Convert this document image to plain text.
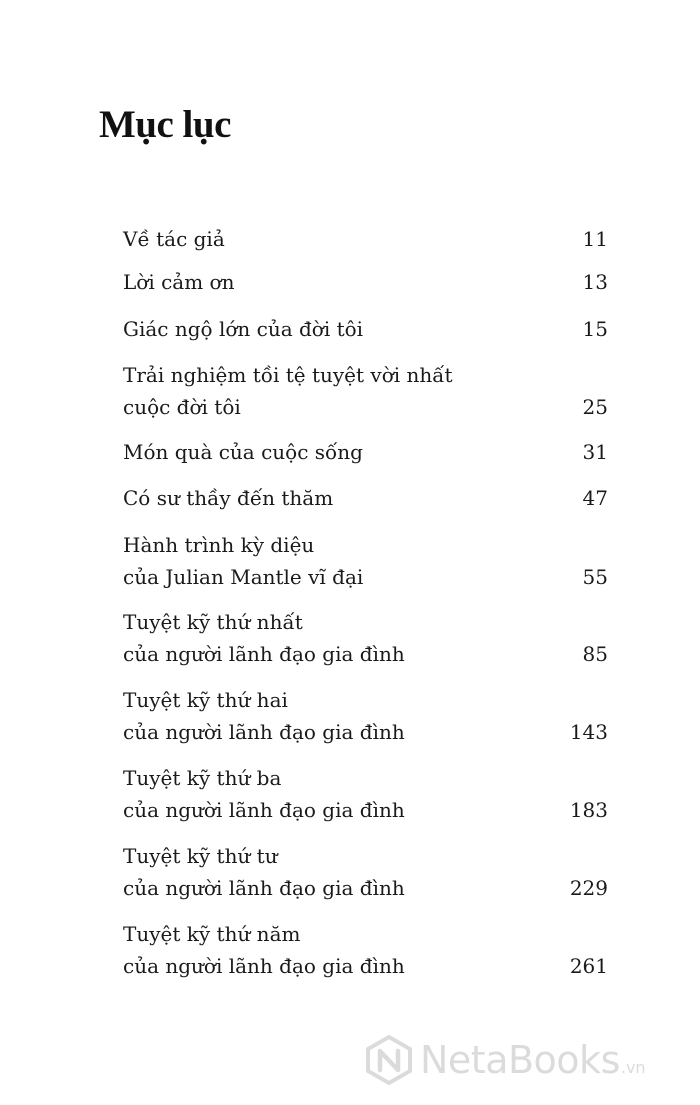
Mục lục
Về tác giả	11
Lời cảm ơn	13
Giác ngộ lớn của đời tôi	15
Trải nghiệm tồi tệ tuyệt vời nhất
cuộc đời tôi	25
Món quà của cuộc sống	31
Có sư thầy đến thăm	47
Hành trình kỳ diệu
của Julian Mantle vĩ đại	55
Tuyệt kỹ thứ nhất
của người lãnh đạo gia đình	85
Tuyệt kỹ thứ hai
của người lãnh đạo gia đình	143
Tuyệt kỹ thứ ba
của người lãnh đạo gia đình	183
Tuyệt kỹ thứ tư
của người lãnh đạo gia đình	229
Tuyệt kỹ thứ năm
của người lãnh đạo gia đình	261
NetaBooks .vn
